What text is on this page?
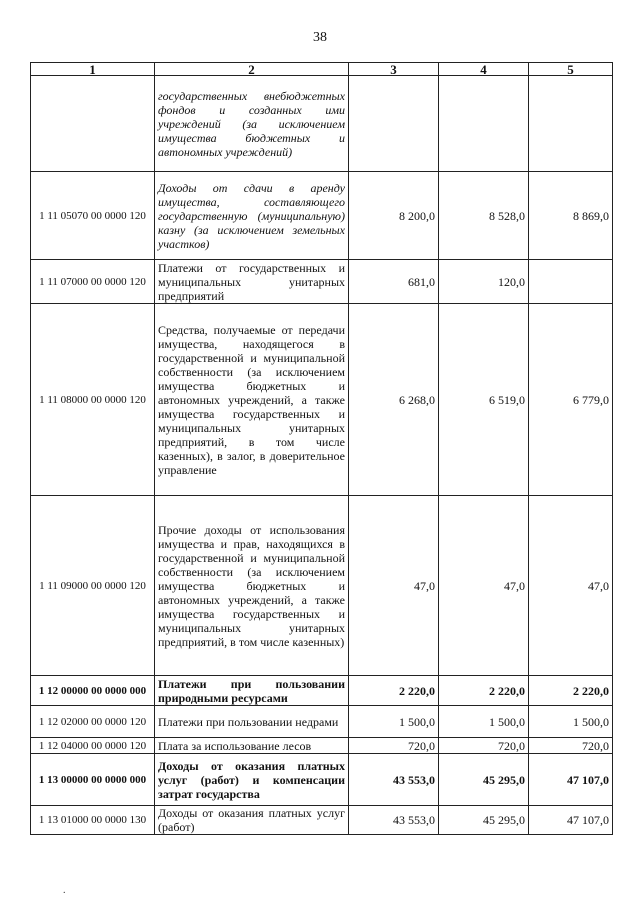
38
1	2	3	4	5
	государственных внебюджетных фондов и созданных ими учреждений (за исключением имущества бюджетных и автономных учреждений)			
1 11 05070 00 0000 120	Доходы от сдачи в аренду имущества, составляющего государственную (муниципальную) казну (за исключением земельных участков)	8 200,0	8 528,0	8 869,0
1 11 07000 00 0000 120	Платежи от государственных и муниципальных унитарных предприятий	681,0	120,0	
1 11 08000 00 0000 120	Средства, получаемые от передачи имущества, находящегося в государственной и муниципальной собственности (за исключением имущества бюджетных и автономных учреждений, а также имущества государственных и муниципальных унитарных предприятий, в том числе казенных), в залог, в доверительное управление	6 268,0	6 519,0	6 779,0
1 11 09000 00 0000 120	Прочие доходы от использования имущества и прав, находящихся в государственной и муниципальной собственности (за исключением имущества бюджетных и автономных учреждений, а также имущества государственных и муниципальных унитарных предприятий, в том числе казенных)	47,0	47,0	47,0
1 12 00000 00 0000 000	Платежи при пользовании природными ресурсами	2 220,0	2 220,0	2 220,0
1 12 02000 00 0000 120	Платежи при пользовании недрами	1 500,0	1 500,0	1 500,0
1 12 04000 00 0000 120	Плата за использование лесов	720,0	720,0	720,0
1 13 00000 00 0000 000	Доходы от оказания платных услуг (работ) и компенсации затрат государства	43 553,0	45 295,0	47 107,0
1 13 01000 00 0000 130	Доходы от оказания платных услуг (работ)	43 553,0	45 295,0	47 107,0
.
